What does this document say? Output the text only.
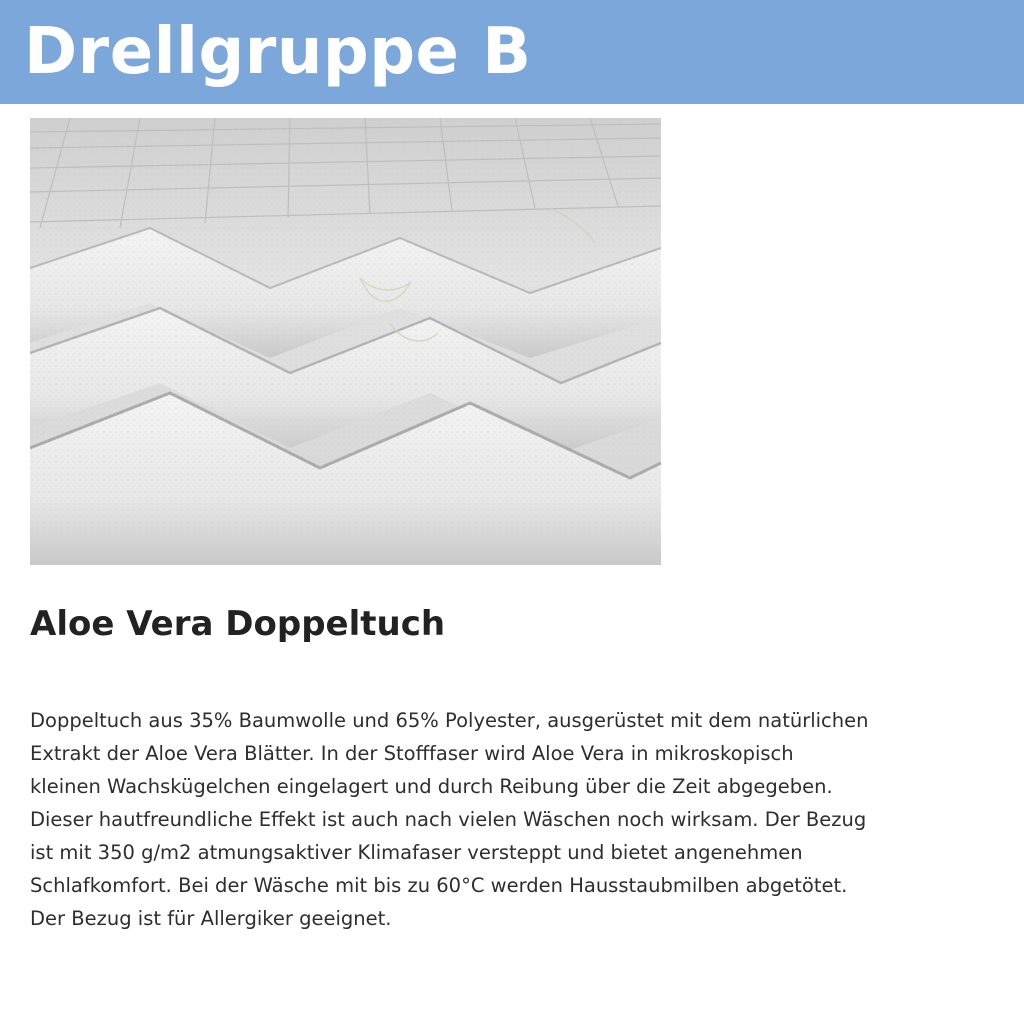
Drellgruppe B
Aloe Vera Doppeltuch

Doppeltuch aus 35% Baumwolle und 65% Polyester, ausgerüstet mit dem natürlichen
Extrakt der Aloe Vera Blätter. In der Stofffaser wird Aloe Vera in mikroskopisch
kleinen Wachskügelchen eingelagert und durch Reibung über die Zeit abgegeben.
Dieser hautfreundliche Effekt ist auch nach vielen Wäschen noch wirksam. Der Bezug
ist mit 350 g/m2 atmungsaktiver Klimafaser versteppt und bietet angenehmen
Schlafkomfort. Bei der Wäsche mit bis zu 60°C werden Hausstaubmilben abgetötet.
Der Bezug ist für Allergiker geeignet.
